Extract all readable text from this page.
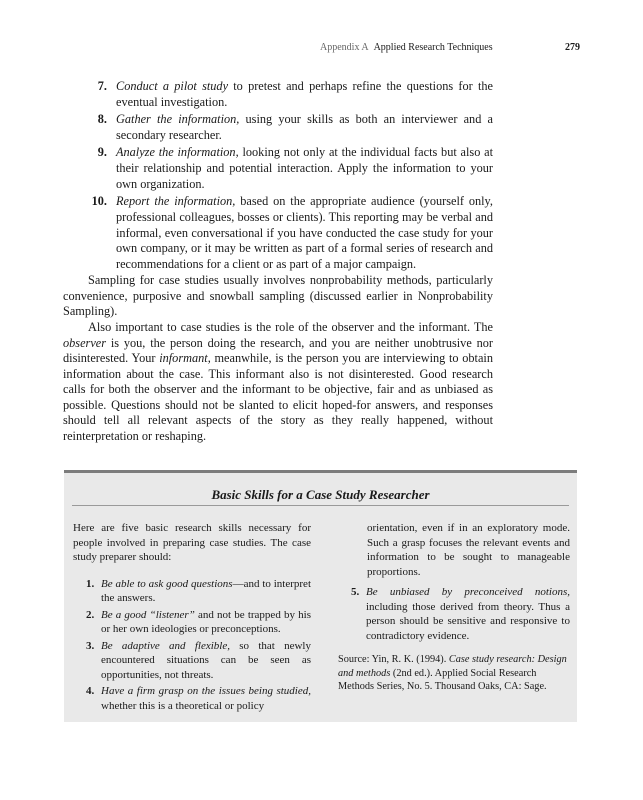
Appendix A Applied Research Techniques	279
7. Conduct a pilot study to pretest and perhaps refine the questions for the eventual investigation.
8. Gather the information, using your skills as both an interviewer and a secondary researcher.
9. Analyze the information, looking not only at the individual facts but also at their relationship and potential interaction. Apply the information to your own organization.
10. Report the information, based on the appropriate audience (yourself only, professional colleagues, bosses or clients). This reporting may be verbal and informal, even conversational if you have conducted the case study for your own company, or it may be written as part of a formal series of research and recommendations for a client or as part of a major campaign.

Sampling for case studies usually involves nonprobability methods, particularly convenience, purposive and snowball sampling (discussed earlier in Nonprobability Sampling).

Also important to case studies is the role of the observer and the informant. The observer is you, the person doing the research, and you are neither unobtrusive nor disinterested. Your informant, meanwhile, is the person you are interviewing to obtain information about the case. This informant also is not disinterested. Good research calls for both the observer and the informant to be objective, fair and as unbiased as possible. Questions should not be slanted to elicit hoped-for answers, and responses should tell all relevant aspects of the story as they really happened, without reinterpretation or reshaping.

Basic Skills for a Case Study Researcher

Here are five basic research skills necessary for people involved in preparing case studies. The case study preparer should:

1. Be able to ask good questions—and to interpret the answers.
2. Be a good “listener” and not be trapped by his or her own ideologies or preconceptions.
3. Be adaptive and flexible, so that newly encountered situations can be seen as opportunities, not threats.
4. Have a firm grasp on the issues being studied, whether this is a theoretical or policy

orientation, even if in an exploratory mode. Such a grasp focuses the relevant events and information to be sought to manageable proportions.

5. Be unbiased by preconceived notions, including those derived from theory. Thus a person should be sensitive and responsive to contradictory evidence.

Source: Yin, R. K. (1994). Case study research: Design and methods (2nd ed.). Applied Social Research Methods Series, No. 5. Thousand Oaks, CA: Sage.
